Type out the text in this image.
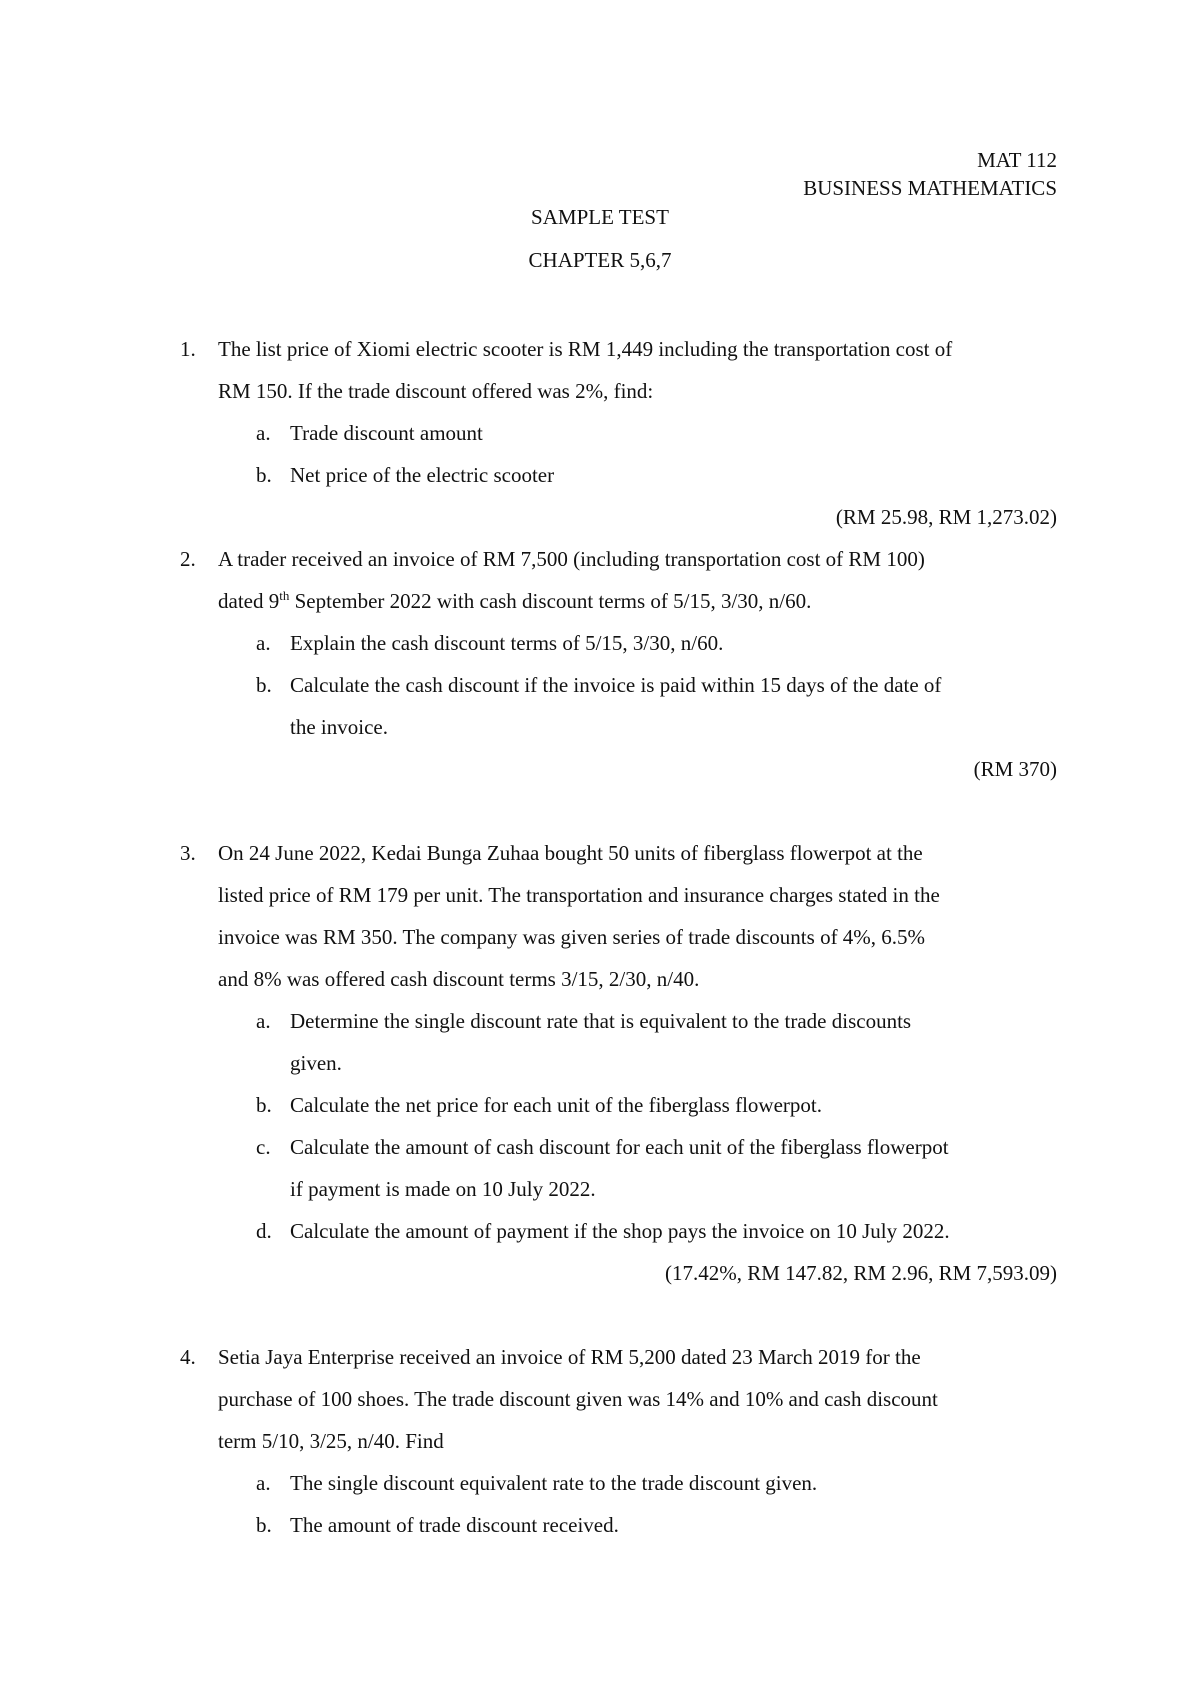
MAT 112
BUSINESS MATHEMATICS
SAMPLE TEST
CHAPTER 5,6,7
1.	The list price of Xiomi electric scooter is RM 1,449 including the transportation cost of
RM 150. If the trade discount offered was 2%, find:
a. Trade discount amount
b. Net price of the electric scooter
(RM 25.98, RM 1,273.02)
2.	A trader received an invoice of RM 7,500 (including transportation cost of RM 100)
dated 9th September 2022 with cash discount terms of 5/15, 3/30, n/60.
a. Explain the cash discount terms of 5/15, 3/30, n/60.
b. Calculate the cash discount if the invoice is paid within 15 days of the date of
the invoice.
(RM 370)
3.	On 24 June 2022, Kedai Bunga Zuhaa bought 50 units of fiberglass flowerpot at the
listed price of RM 179 per unit. The transportation and insurance charges stated in the
invoice was RM 350. The company was given series of trade discounts of 4%, 6.5%
and 8% was offered cash discount terms 3/15, 2/30, n/40.
a. Determine the single discount rate that is equivalent to the trade discounts
given.
b. Calculate the net price for each unit of the fiberglass flowerpot.
c. Calculate the amount of cash discount for each unit of the fiberglass flowerpot
if payment is made on 10 July 2022.
d. Calculate the amount of payment if the shop pays the invoice on 10 July 2022.
(17.42%, RM 147.82, RM 2.96, RM 7,593.09)
4.	Setia Jaya Enterprise received an invoice of RM 5,200 dated 23 March 2019 for the
purchase of 100 shoes. The trade discount given was 14% and 10% and cash discount
term 5/10, 3/25, n/40. Find
a. The single discount equivalent rate to the trade discount given.
b. The amount of trade discount received.
